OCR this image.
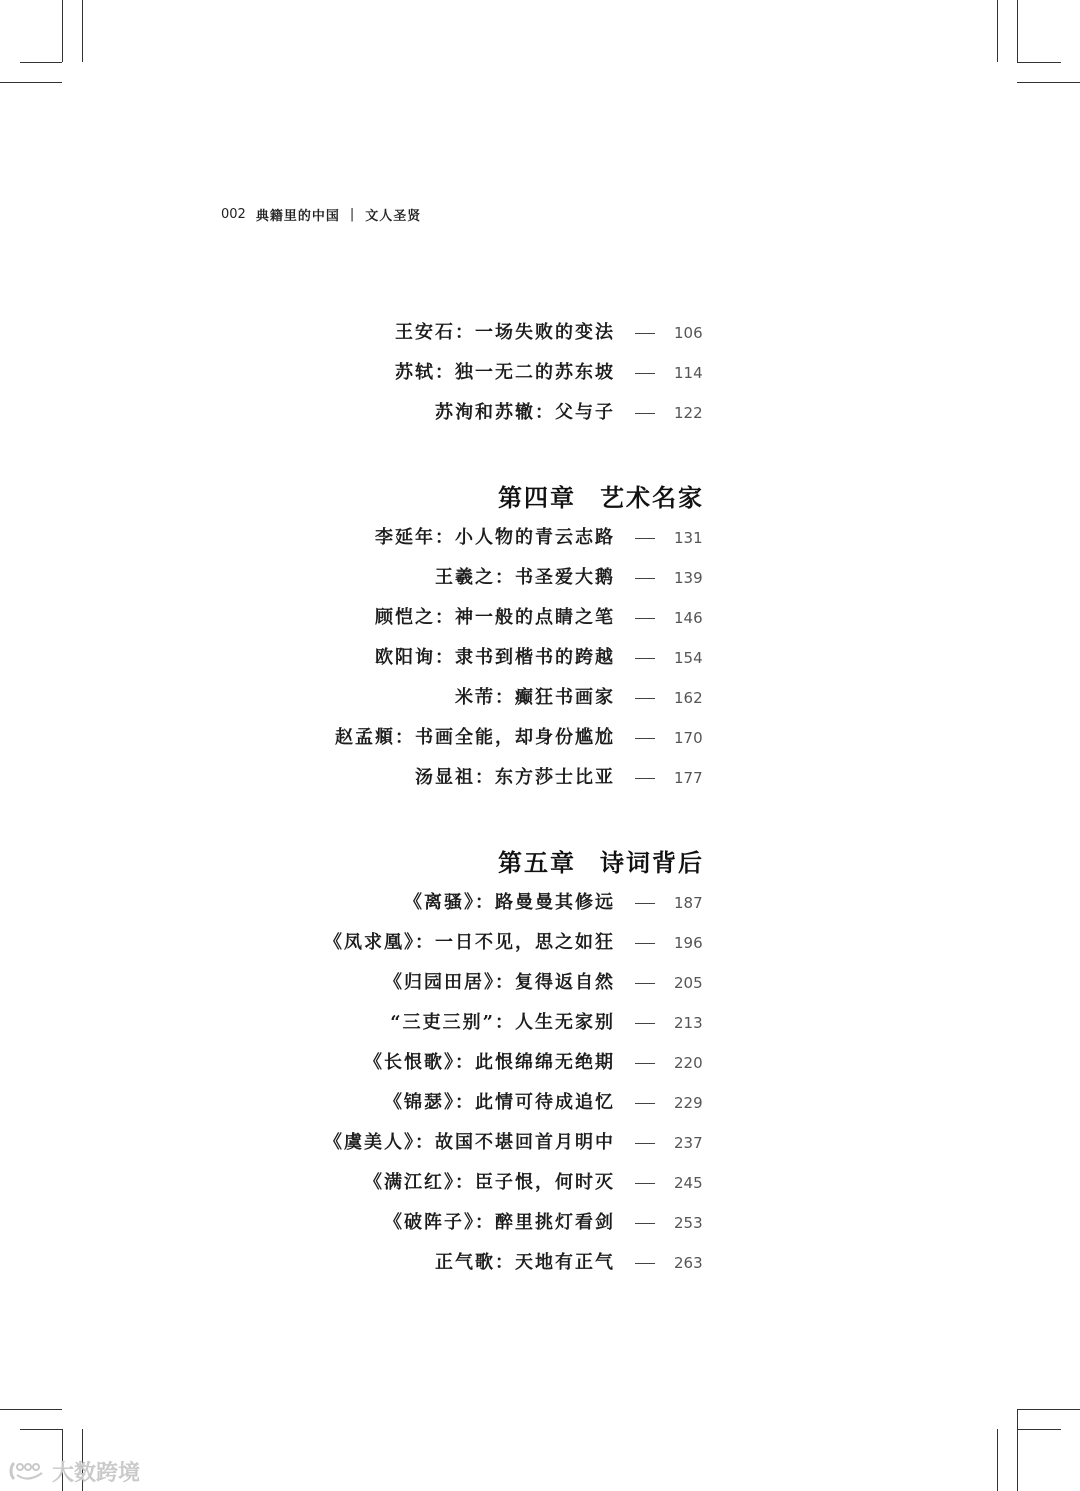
002 典籍里的中国 | 文人圣贤
王安石：一场失败的变法	106
苏轼：独一无二的苏东坡	114
苏洵和苏辙：父与子	122
第四章 艺术名家
李延年：小人物的青云志路	131
王羲之：书圣爱大鹅	139
顾恺之：神一般的点睛之笔	146
欧阳询：隶书到楷书的跨越	154
米芾：癫狂书画家	162
赵孟頫：书画全能，却身份尴尬	170
汤显祖：东方莎士比亚	177
第五章 诗词背后
《离骚》：路曼曼其修远	187
《凤求凰》：一日不见，思之如狂	196
《归园田居》：复得返自然	205
“三吏三别”：人生无家别	213
《长恨歌》：此恨绵绵无绝期	220
《锦瑟》：此情可待成追忆	229
《虞美人》：故国不堪回首月明中	237
《满江红》：臣子恨，何时灭	245
《破阵子》：醉里挑灯看剑	253
正气歌：天地有正气	263
大数跨境
